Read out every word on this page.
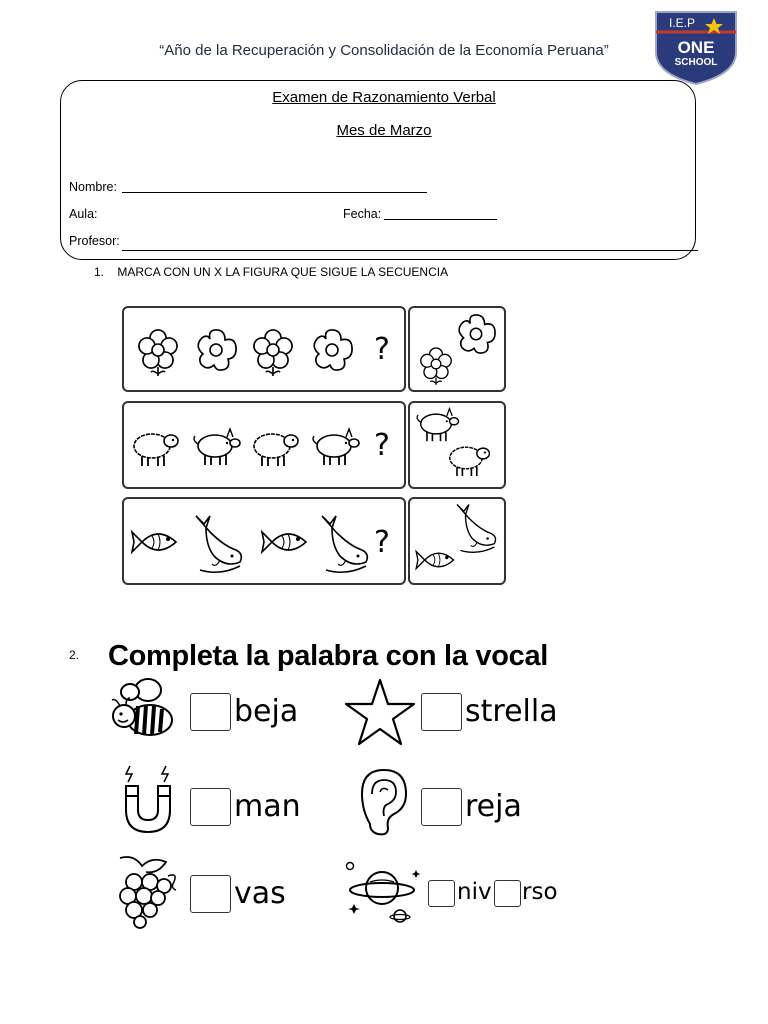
“Año de la Recuperación y Consolidación de la Economía Peruana”
I.E.P
ONE
SCHOOL
Examen de Razonamiento Verbal
Mes de Marzo
Nombre:
Aula:	Fecha:
Profesor:
1. MARCA CON UN X LA FIGURA QUE SIGUE LA SECUENCIA
?
?
?
2. Completa la palabra con la vocal
beja	strella
man	reja
vas	niv rso
